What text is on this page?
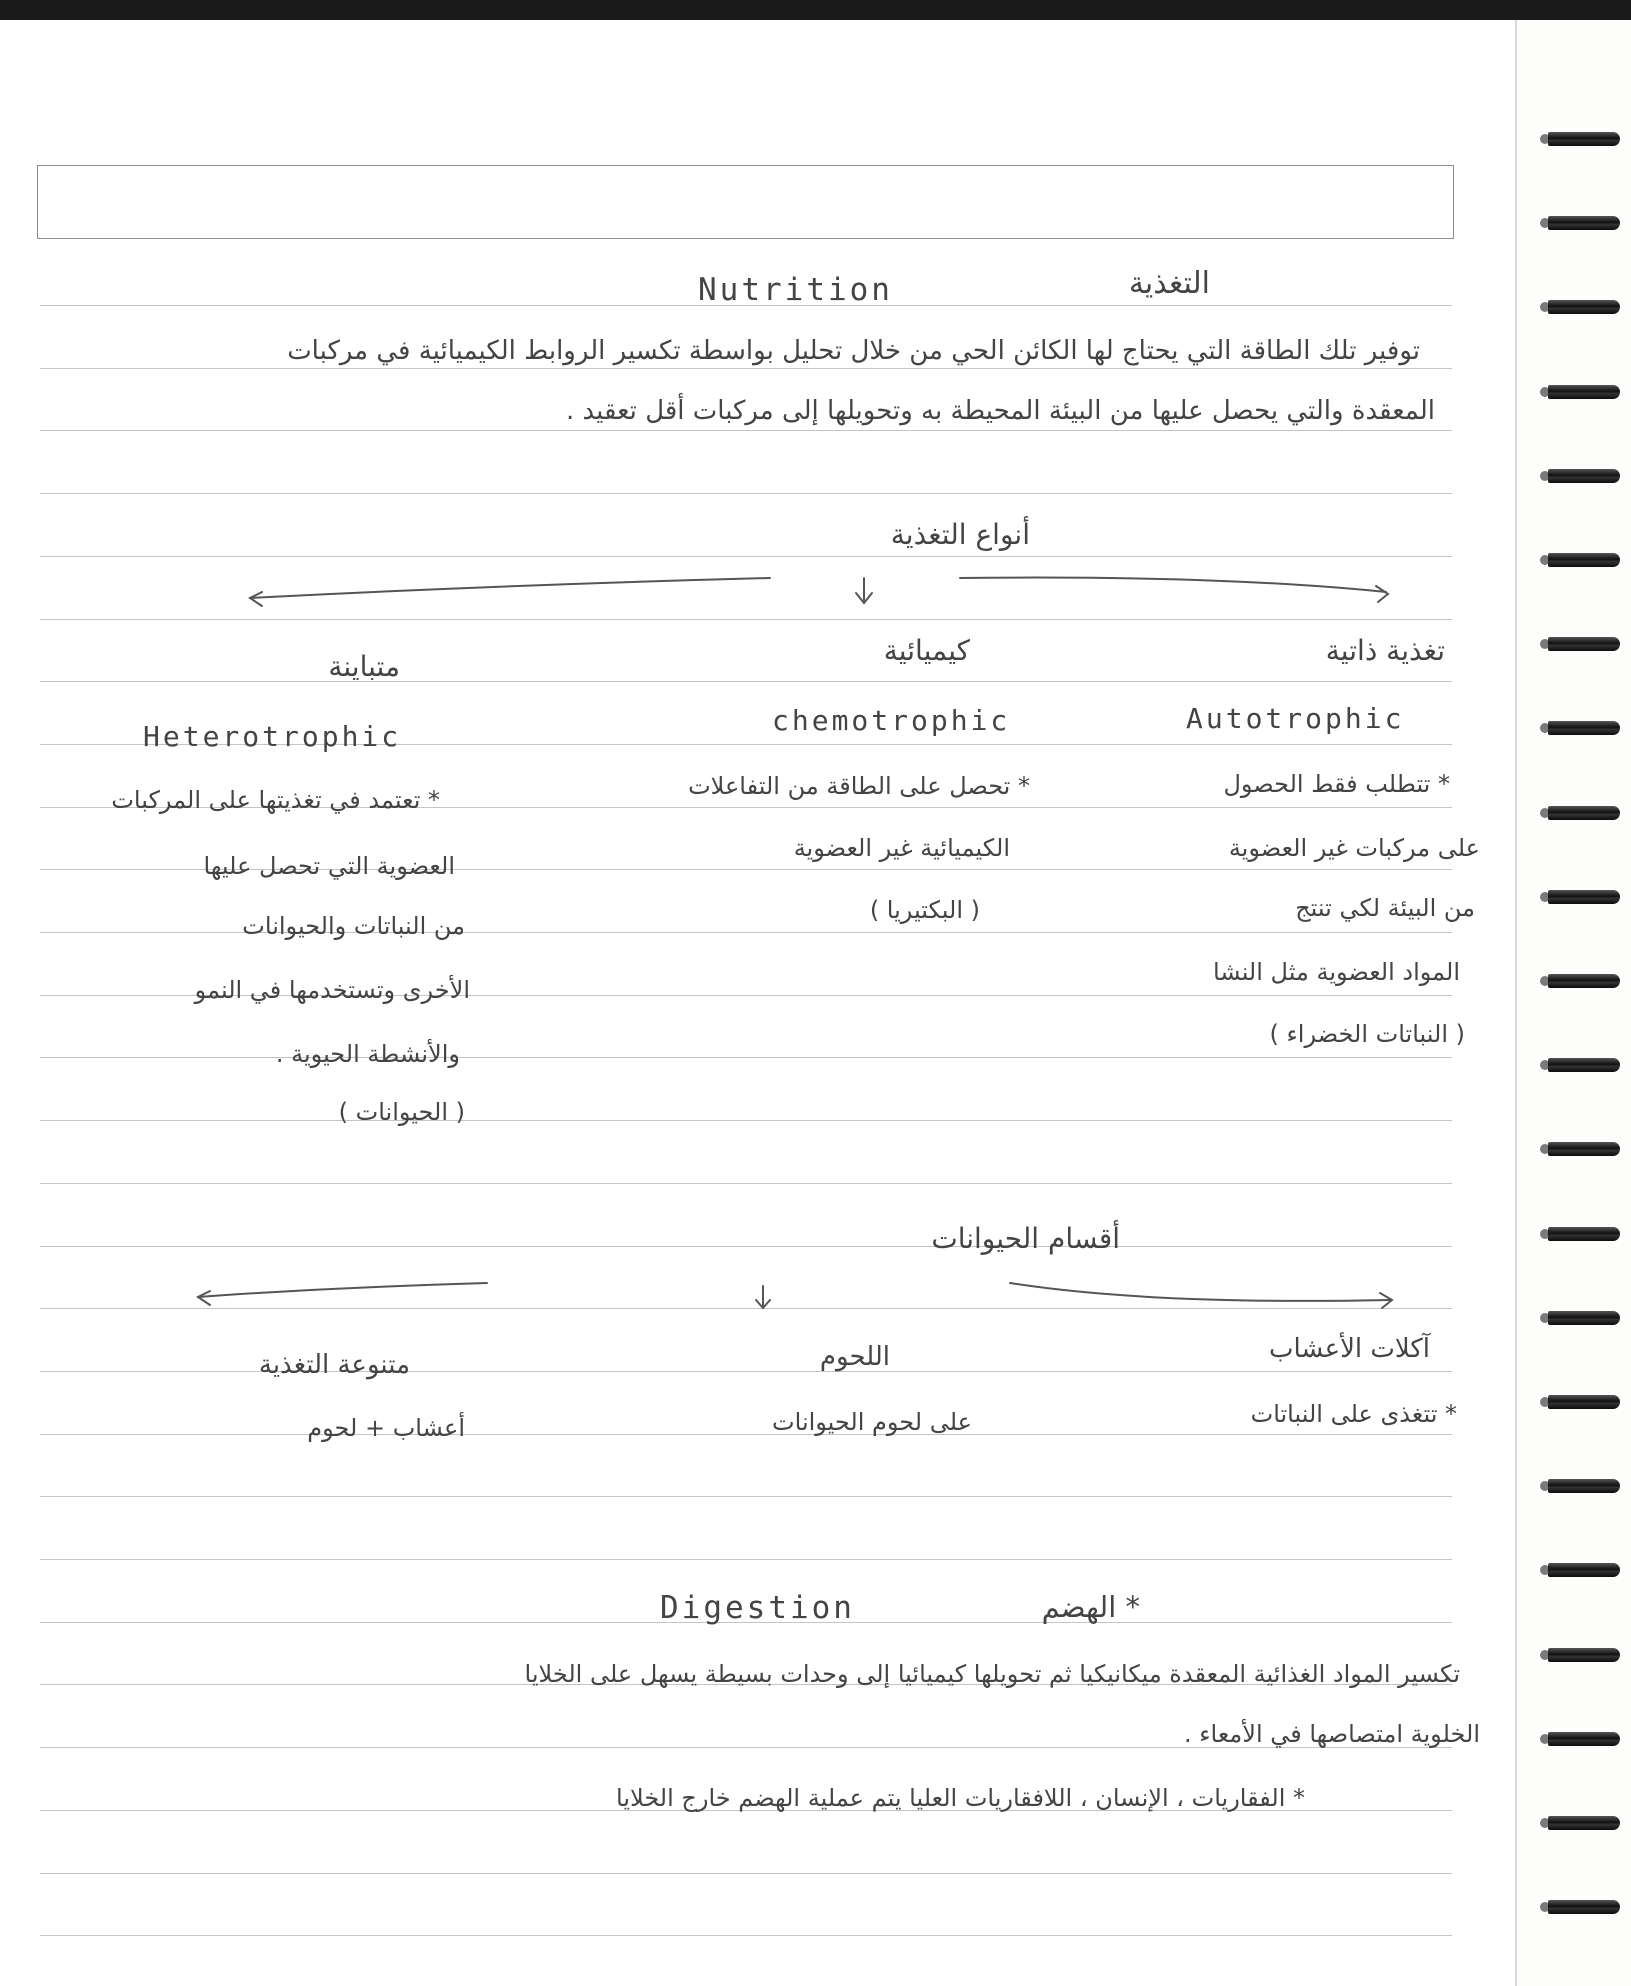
Nutrition	التغذية
توفير تلك الطاقة التي يحتاج لها الكائن الحي من خلال تحليل بواسطة تكسير الروابط الكيميائية في مركبات
المعقدة والتي يحصل عليها من البيئة المحيطة به وتحويلها إلى مركبات أقل تعقيد .
أنواع التغذية
تغذية ذاتية
Autotrophic
* تتطلب فقط الحصول
على مركبات غير العضوية
من البيئة لكي تنتج
المواد العضوية مثل النشا
( النباتات الخضراء )
كيميائية
chemotrophic
* تحصل على الطاقة من التفاعلات
الكيميائية غير العضوية
( البكتيريا )
متباينة
Heterotrophic
* تعتمد في تغذيتها على المركبات
العضوية التي تحصل عليها
من النباتات والحيوانات
الأخرى وتستخدمها في النمو
والأنشطة الحيوية .
( الحيوانات )
أقسام الحيوانات
آكلات الأعشاب
* تتغذى على النباتات
اللحوم
على لحوم الحيوانات
متنوعة التغذية
أعشاب + لحوم
Digestion	* الهضم
تكسير المواد الغذائية المعقدة ميكانيكيا ثم تحويلها كيميائيا إلى وحدات بسيطة يسهل على الخلايا
الخلوية امتصاصها في الأمعاء .
* الفقاريات ، الإنسان ، اللافقاريات العليا يتم عملية الهضم خارج الخلايا
